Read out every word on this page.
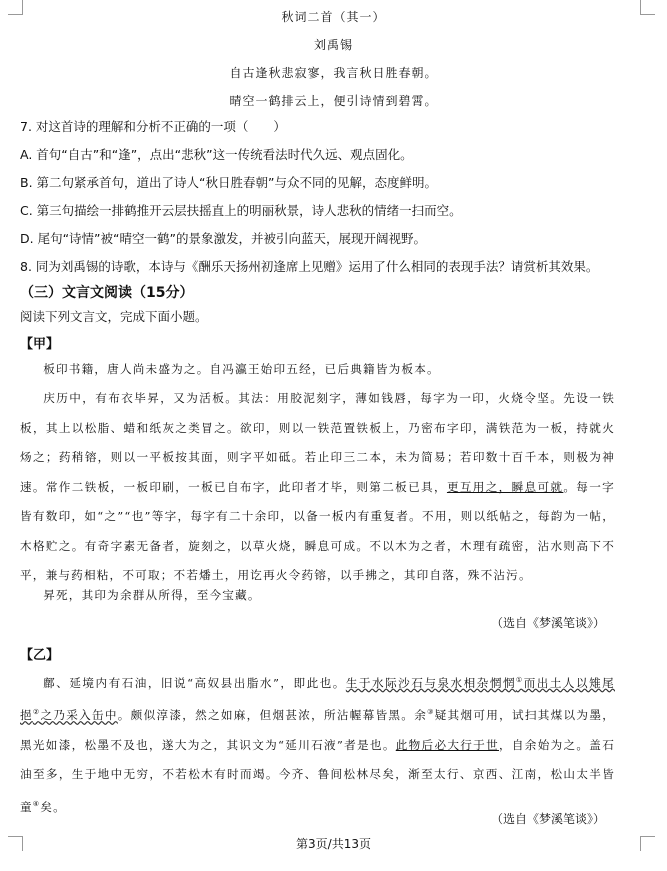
秋词二首（其一）
刘禹锡
自古逢秋悲寂寥，我言秋日胜春朝。
晴空一鹤排云上，便引诗情到碧霄。
7. 对这首诗的理解和分析不正确的一项（　　）
A. 首句“自古”和“逢”，点出“悲秋”这一传统看法时代久远、观点固化。
B. 第二句紧承首句，道出了诗人“秋日胜春朝”与众不同的见解，态度鲜明。
C. 第三句描绘一排鹤推开云层扶摇直上的明丽秋景，诗人悲秋的情绪一扫而空。
D. 尾句“诗情”被“晴空一鹤”的景象激发，并被引向蓝天，展现开阔视野。
8. 同为刘禹锡的诗歌，本诗与《酬乐天扬州初逢席上见赠》运用了什么相同的表现手法？请赏析其效果。
（三）文言文阅读（15分）
阅读下列文言文，完成下面小题。
【甲】
板印书籍，唐人尚未盛为之。自冯瀛王始印五经，已后典籍皆为板本。
庆历中，有布衣毕昇，又为活板。其法：用胶泥刻字，薄如钱唇，每字为一印，火烧令坚。先设一铁板，其上以松脂、蜡和纸灰之类冒之。欲印，则以一铁范置铁板上，乃密布字印，满铁范为一板，持就火炀之；药稍镕，则以一平板按其面，则字平如砥。若止印三二本，未为简易；若印数十百千本，则极为神速。常作二铁板，一板印刷，一板已自布字，此印者才毕，则第二板已具，更互用之，瞬息可就。每一字皆有数印，如“之”“也”等字，每字有二十余印，以备一板内有重复者。不用，则以纸帖之，每韵为一帖，木格贮之。有奇字素无备者，旋刻之，以草火烧，瞬息可成。不以木为之者，木理有疏密，沾水则高下不平，兼与药相粘，不可取；不若燔土，用讫再火令药镕，以手拂之，其印自落，殊不沾污。
昇死，其印为余群从所得，至今宝藏。
（选自《梦溪笔谈》）
【乙】
鄜、延境内有石油，旧说“高奴县出脂水”，即此也。生于水际沙石与泉水相杂惘惘①而出土人以雉尾挹②之乃采入缶中。颇似淳漆，然之如麻，但烟甚浓，所沾幄幕皆黑。余③疑其烟可用，试扫其煤以为墨，黑光如漆，松墨不及也，遂大为之，其识文为“延川石液”者是也。此物后必大行于世，自余始为之。盖石油至多，生于地中无穷，不若松木有时而竭。今齐、鲁间松林尽矣，渐至太行、京西、江南，松山太半皆童④矣。
（选自《梦溪笔谈》）
第3页/共13页
